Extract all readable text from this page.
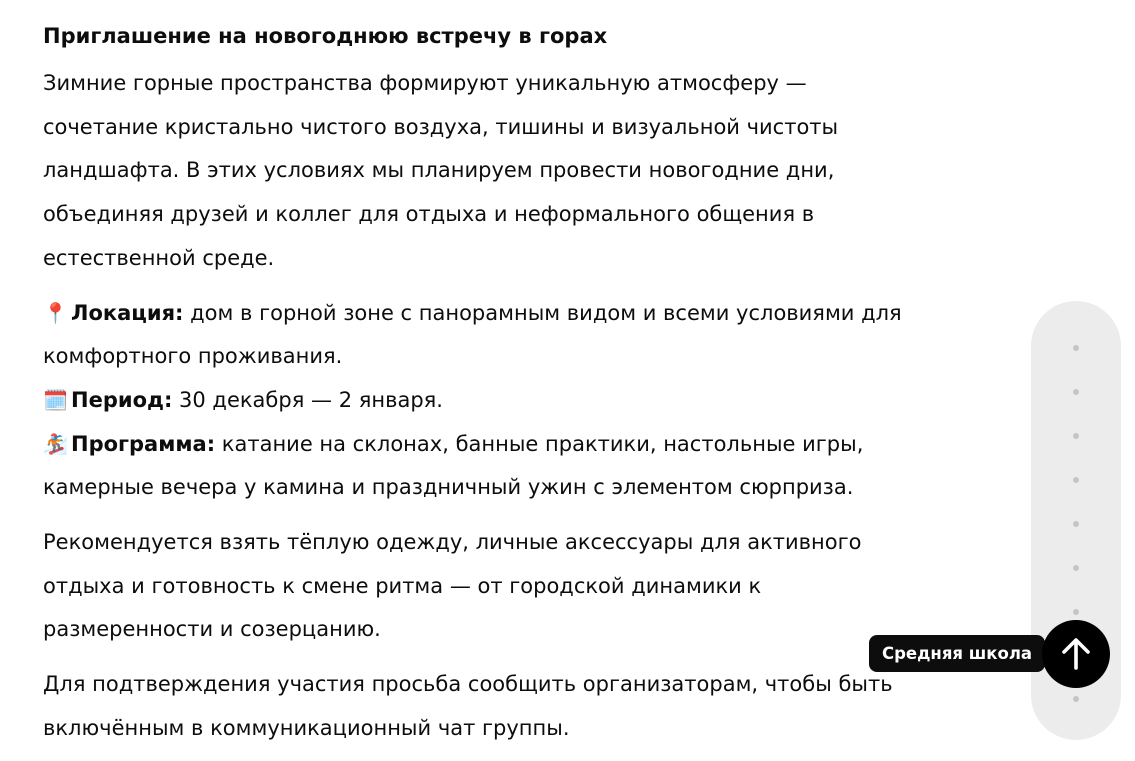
Приглашение на новогоднюю встречу в горах

Зимние горные пространства формируют уникальную атмосферу — сочетание кристально чистого воздуха, тишины и визуальной чистоты ландшафта. В этих условиях мы планируем провести новогодние дни, объединяя друзей и коллег для отдыха и неформального общения в естественной среде.

📍 Локация: дом в горной зоне с панорамным видом и всеми условиями для комфортного проживания.

🗓️ Период: 30 декабря — 2 января.

🏂 Программа: катание на склонах, банные практики, настольные игры, камерные вечера у камина и праздничный ужин с элементом сюрприза.

Рекомендуется взять тёплую одежду, личные аксессуары для активного отдыха и готовность к смене ритма — от городской динамики к размеренности и созерцанию.

Для подтверждения участия просьба сообщить организаторам, чтобы быть включённым в коммуникационный чат группы.

Средняя школа
